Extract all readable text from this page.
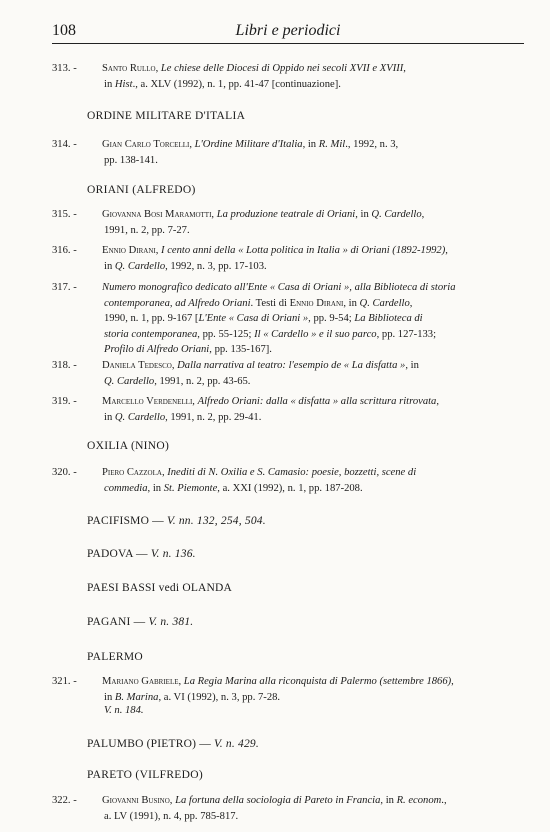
108	Libri e periodici
313. - Santo Rullo, Le chiese delle Diocesi di Oppido nei secoli XVII e XVIII,
in Hist., a. XLV (1992), n. 1, pp. 41-47 [continuazione].
ORDINE MILITARE D'ITALIA
314. - Gian Carlo Torcelli, L'Ordine Militare d'Italia, in R. Mil., 1992, n. 3,
pp. 138-141.
ORIANI (ALFREDO)
315. - Giovanna Bosi Maramotti, La produzione teatrale di Oriani, in Q. Cardello,
1991, n. 2, pp. 7-27.
316. - Ennio Dirani, I cento anni della « Lotta politica in Italia » di Oriani (1892-1992),
in Q. Cardello, 1992, n. 3, pp. 17-103.
317. - Numero monografico dedicato all'Ente « Casa di Oriani », alla Biblioteca di storia
contemporanea, ad Alfredo Oriani. Testi di Ennio Dirani, in Q. Cardello,
1990, n. 1, pp. 9-167 [L'Ente « Casa di Oriani », pp. 9-54; La Biblioteca di
storia contemporanea, pp. 55-125; Il « Cardello » e il suo parco, pp. 127-133;
Profilo di Alfredo Oriani, pp. 135-167].
318. - Daniela Tedesco, Dalla narrativa al teatro: l'esempio de « La disfatta », in
Q. Cardello, 1991, n. 2, pp. 43-65.
319. - Marcello Verdenelli, Alfredo Oriani: dalla « disfatta » alla scrittura ritrovata,
in Q. Cardello, 1991, n. 2, pp. 29-41.
OXILIA (NINO)
320. - Piero Cazzola, Inediti di N. Oxilia e S. Camasio: poesie, bozzetti, scene di
commedia, in St. Piemonte, a. XXI (1992), n. 1, pp. 187-208.
PACIFISMO — V. nn. 132, 254, 504.
PADOVA — V. n. 136.
PAESI BASSI vedi OLANDA
PAGANI — V. n. 381.
PALERMO
321. - Mariano Gabriele, La Regia Marina alla riconquista di Palermo (settembre 1866),
in B. Marina, a. VI (1992), n. 3, pp. 7-28.
V. n. 184.
PALUMBO (PIETRO) — V. n. 429.
PARETO (VILFREDO)
322. - Giovanni Busino, La fortuna della sociologia di Pareto in Francia, in R. econom.,
a. LV (1991), n. 4, pp. 785-817.
